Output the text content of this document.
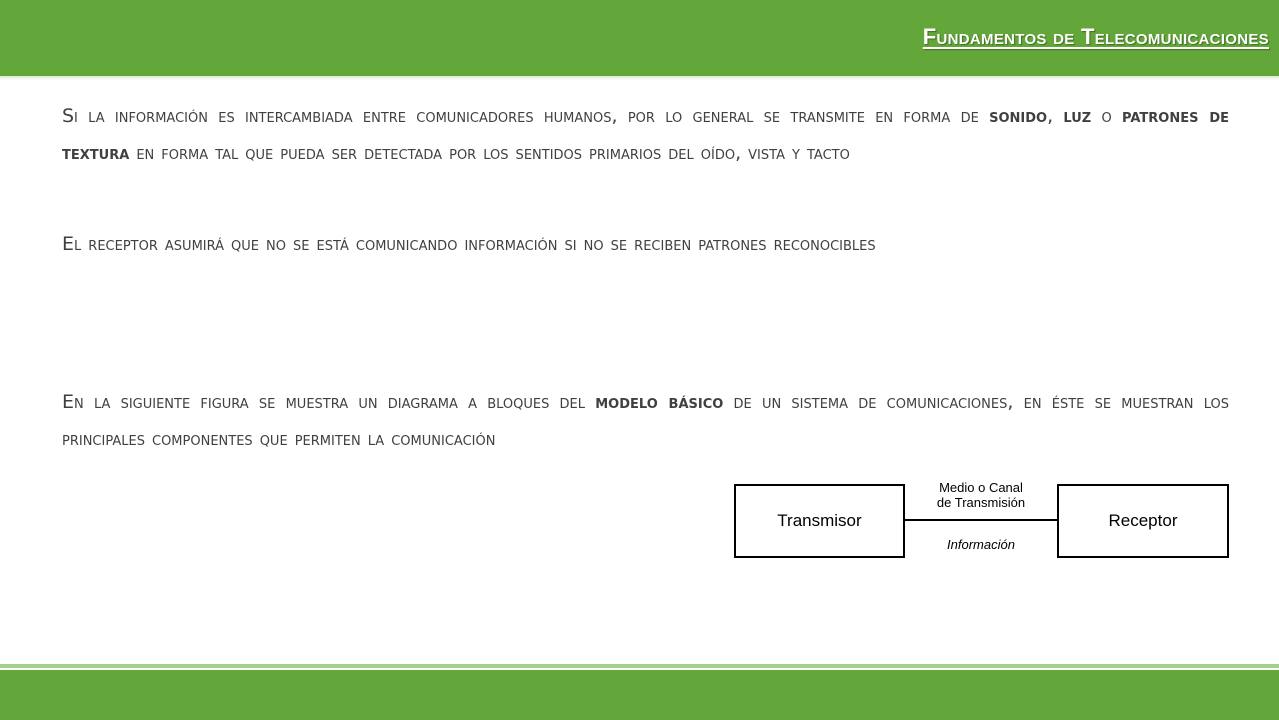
Fundamentos de Telecomunicaciones
Si la información es intercambiada entre comunicadores humanos, por lo general se transmite en forma de sonido, luz o patrones de textura en forma tal que pueda ser detectada por los sentidos primarios del oído, vista y tacto
El receptor asumirá que no se está comunicando información si no se reciben patrones reconocibles
En la siguiente figura se muestra un diagrama a bloques del modelo básico de un sistema de comunicaciones, en éste se muestran los principales componentes que permiten la comunicación
Transmisor
Medio o Canal
de Transmisión
Información
Receptor
